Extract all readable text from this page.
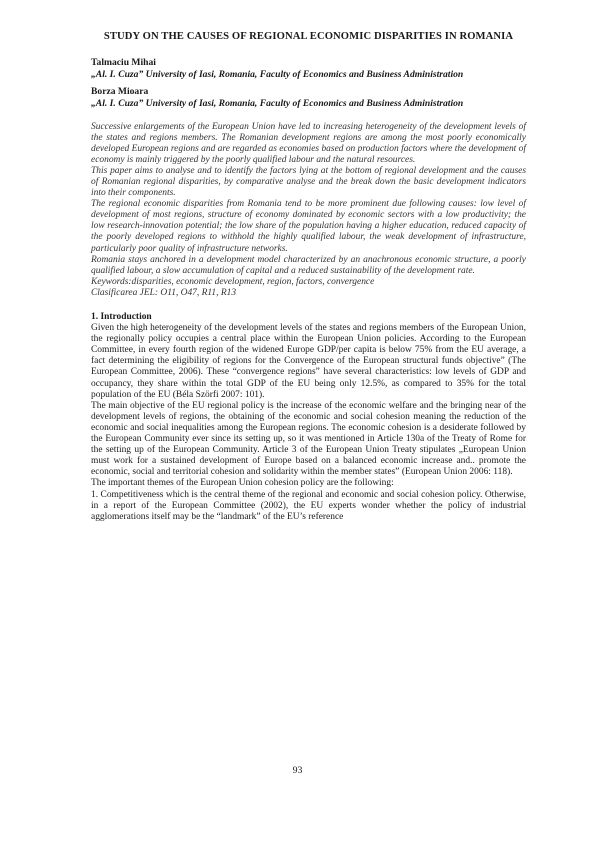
STUDY ON THE CAUSES OF REGIONAL ECONOMIC DISPARITIES IN ROMANIA
Talmaciu Mihai
„Al. I. Cuza” University of Iasi, Romania, Faculty of Economics and Business Administration
Borza Mioara
„Al. I. Cuza” University of Iasi, Romania, Faculty of Economics and Business Administration

Successive enlargements of the European Union have led to increasing heterogeneity of the development levels of the states and regions members. The Romanian development regions are among the most poorly economically developed European regions and are regarded as economies based on production factors where the development of economy is mainly triggered by the poorly qualified labour and the natural resources.

This paper aims to analyse and to identify the factors lying at the bottom of regional development and the causes of Romanian regional disparities, by comparative analyse and the break down the basic development indicators into their components.

The regional economic disparities from Romania tend to be more prominent due following causes: low level of development of most regions, structure of economy dominated by economic sectors with a low productivity; the low research-innovation potential; the low share of the population having a higher education, reduced capacity of the poorly developed regions to withhold the highly qualified labour, the weak development of infrastructure, particularly poor quality of infrastructure networks.

Romania stays anchored in a development model characterized by an anachronous economic structure, a poorly qualified labour, a slow accumulation of capital and a reduced sustainability of the development rate.

Keywords:disparities, economic development, region, factors, convergence

Clasificarea JEL: O11, O47, R11, R13

1. Introduction

Given the high heterogeneity of the development levels of the states and regions members of the European Union, the regionally policy occupies a central place within the European Union policies. According to the European Committee, in every fourth region of the widened Europe GDP/per capita is below 75% from the EU average, a fact determining the eligibility of regions for the Convergence of the European structural funds objective” (The European Committee, 2006). These “convergence regions” have several characteristics: low levels of GDP and occupancy, they share within the total GDP of the EU being only 12.5%, as compared to 35% for the total population of the EU (Béla Szörfi 2007: 101).

The main objective of the EU regional policy is the increase of the economic welfare and the bringing near of the development levels of regions, the obtaining of the economic and social cohesion meaning the reduction of the economic and social inequalities among the European regions. The economic cohesion is a desiderate followed by the European Community ever since its setting up, so it was mentioned in Article 130a of the Treaty of Rome for the setting up of the European Community. Article 3 of the European Union Treaty stipulates „European Union must work for a sustained development of Europe based on a balanced economic increase and.. promote the economic, social and territorial cohesion and solidarity within the member states” (European Union 2006: 118).

The important themes of the European Union cohesion policy are the following:

1. Competitiveness which is the central theme of the regional and economic and social cohesion policy. Otherwise, in a report of the European Committee (2002), the EU experts wonder whether the policy of industrial agglomerations itself may be the “landmark” of the EU’s reference

93
